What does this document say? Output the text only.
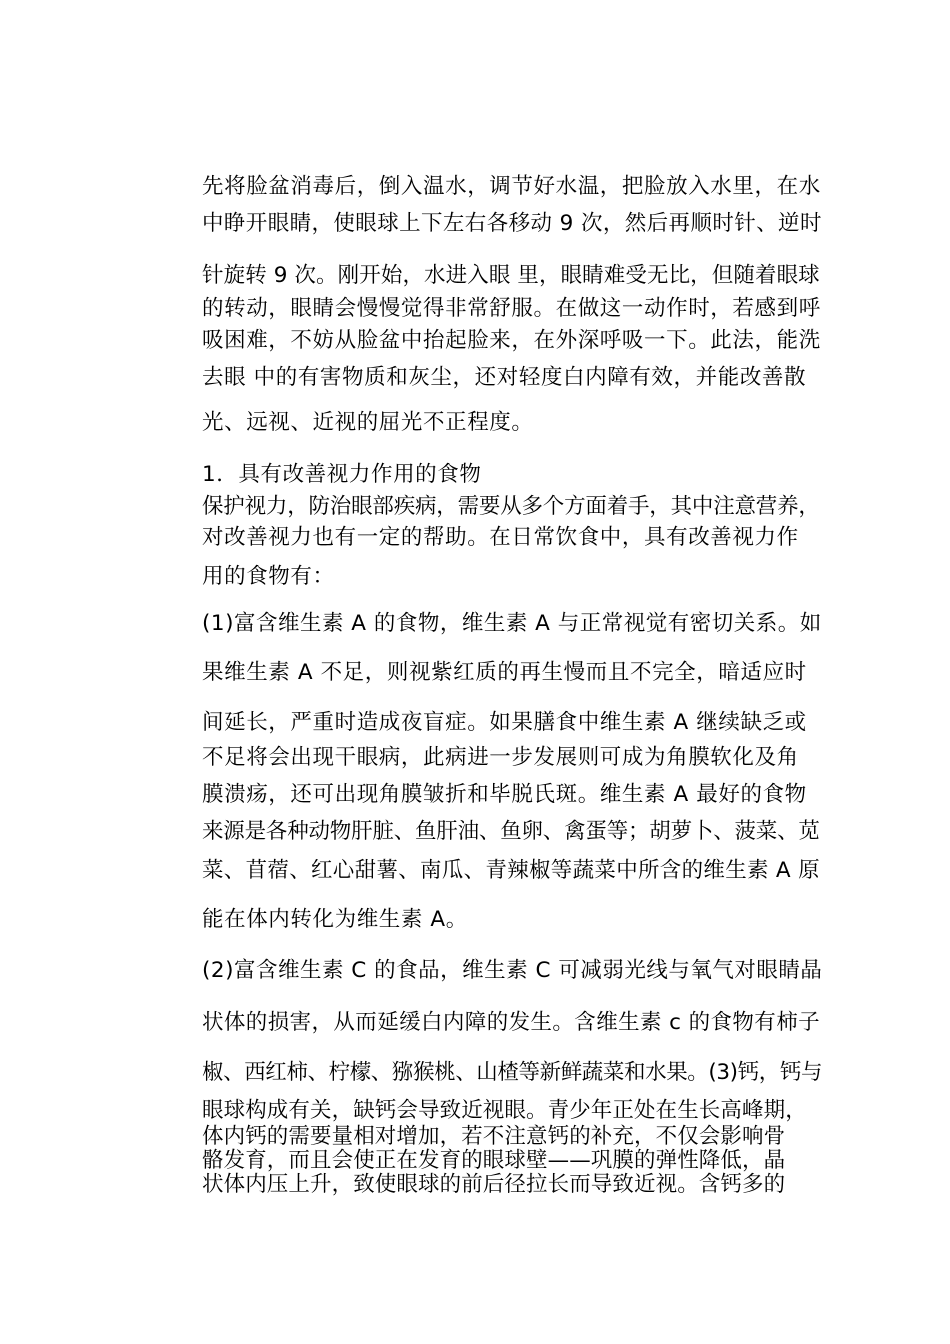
先将脸盆消毒后，倒入温水，调节好水温，把脸放入水里，在水

中睁开眼睛，使眼球上下左右各移动 9 次，然后再顺时针、逆时

针旋转 9 次。刚开始，水进入眼 里，眼睛难受无比，但随着眼球

的转动，眼睛会慢慢觉得非常舒服。在做这一动作时，若感到呼

吸困难，不妨从脸盆中抬起脸来，在外深呼吸一下。此法，能洗

去眼 中的有害物质和灰尘，还对轻度白内障有效，并能改善散

光、远视、近视的屈光不正程度。

1．具有改善视力作用的食物

保护视力，防治眼部疾病，需要从多个方面着手，其中注意营养，

对改善视力也有一定的帮助。在日常饮食中，具有改善视力作

用的食物有：

(1)富含维生素 A 的食物，维生素 A 与正常视觉有密切关系。如

果维生素 A 不足，则视紫红质的再生慢而且不完全，暗适应时

间延长，严重时造成夜盲症。如果膳食中维生素 A 继续缺乏或

不足将会出现干眼病，此病进一步发展则可成为角膜软化及角

膜溃疡，还可出现角膜皱折和毕脱氏斑。维生素 A 最好的食物

来源是各种动物肝脏、鱼肝油、鱼卵、禽蛋等；胡萝卜、菠菜、苋

菜、苜蓿、红心甜薯、南瓜、青辣椒等蔬菜中所含的维生素 A 原

能在体内转化为维生素 A。

(2)富含维生素 C 的食品，维生素 C 可减弱光线与氧气对眼睛晶

状体的损害，从而延缓白内障的发生。含维生素 c 的食物有柿子

椒、西红柿、柠檬、猕猴桃、山楂等新鲜蔬菜和水果。(3)钙，钙与

眼球构成有关，缺钙会导致近视眼。青少年正处在生长高峰期，

体内钙的需要量相对增加，若不注意钙的补充，不仅会影响骨

骼发育，而且会使正在发育的眼球壁——巩膜的弹性降低，晶

状体内压上升，致使眼球的前后径拉长而导致近视。含钙多的
